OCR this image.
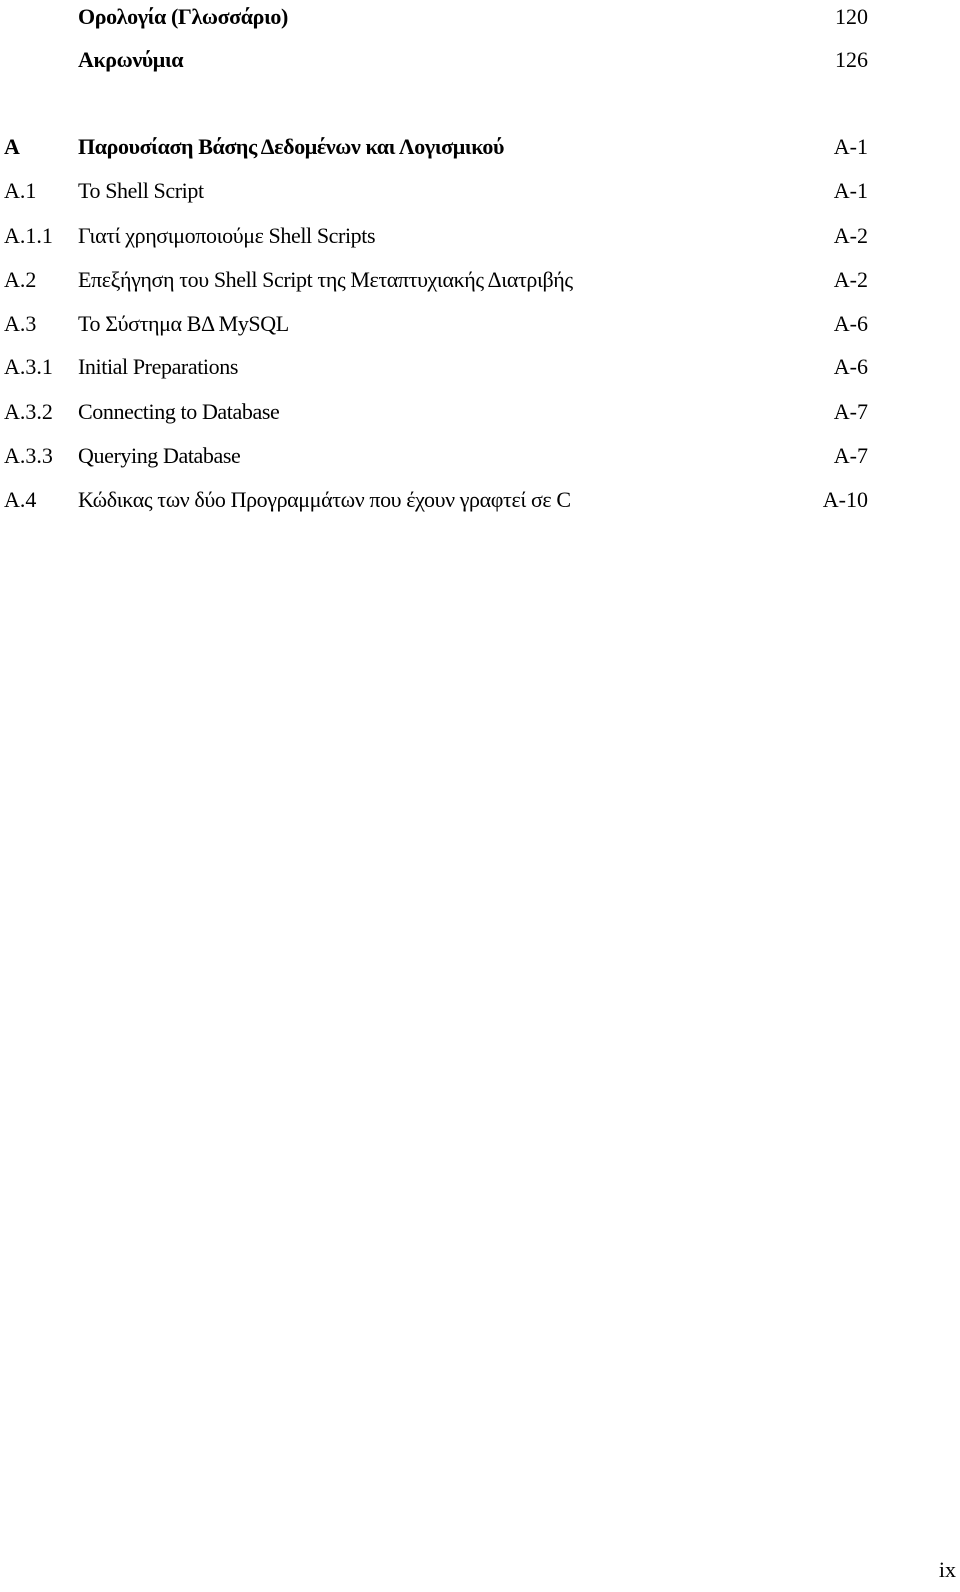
Ορολογία (Γλωσσάριο)	120
Ακρωνύμια	126
A	Παρουσίαση Βάσης Δεδομένων και Λογισμικού	A-1
A.1 To Shell Script	A-1
A.1.1 Γιατί χρησιμοποιούμε Shell Scripts	A-2
A.2 Επεξήγηση του Shell Script της Μεταπτυχιακής Διατριβής	A-2
A.3 Το Σύστημα ΒΔ MySQL	A-6
A.3.1 Initial Preparations	A-6
A.3.2 Connecting to Database	A-7
A.3.3 Querying Database	A-7
A.4 Κώδικας των δύο Προγραμμάτων που έχουν γραφτεί σε C	A-10
ix
